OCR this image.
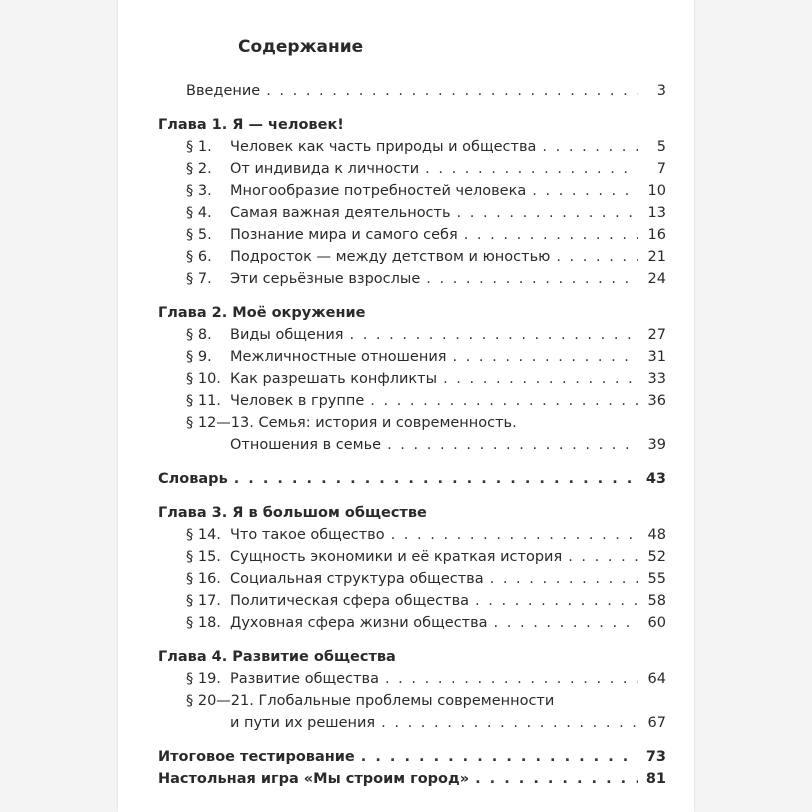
Содержание
Введение . . .	3
Глава 1. Я — человек!
§ 1.	Человек как часть природы и общества . . .	5
§ 2.	От индивида к личности . . .	7
§ 3.	Многообразие потребностей человека . . .	10
§ 4.	Самая важная деятельность . . .	13
§ 5.	Познание мира и самого себя . . .	16
§ 6.	Подросток — между детством и юностью . . .	21
§ 7.	Эти серьёзные взрослые . . .	24
Глава 2. Моё окружение
§ 8.	Виды общения . . .	27
§ 9.	Межличностные отношения . . .	31
§ 10. Как разрешать конфликты . . .	33
§ 11. Человек в группе . . .	36
§ 12—13. Семья: история и современность.
Отношения в семье . . .	39
Словарь . . .	43
Глава 3. Я в большом обществе
§ 14. Что такое общество . . .	48
§ 15. Сущность экономики и её краткая история . . .	52
§ 16. Социальная структура общества . . .	55
§ 17. Политическая сфера общества . . .	58
§ 18. Духовная сфера жизни общества . . .	60
Глава 4. Развитие общества
§ 19. Развитие общества . . .	64
§ 20—21. Глобальные проблемы современности
и пути их решения . . .	67
Итоговое тестирование . . .	73
Настольная игра «Мы строим город» . . .	81
